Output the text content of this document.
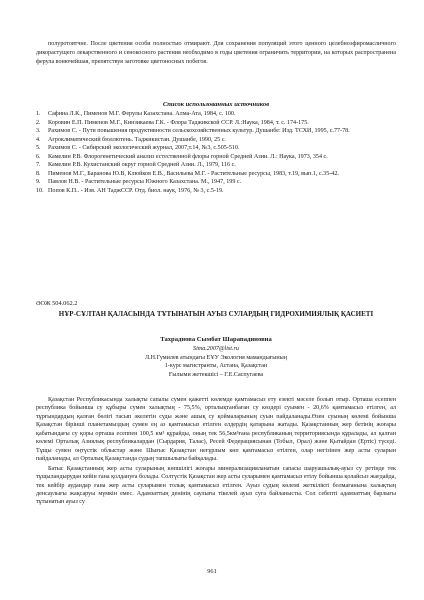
полуротовтчне. После цветения особи полностью отмирают. Для сохранения популяций этого ценного целебноэфиромасличного дикорастущего лекарственного и сенокосного растения необходимо в годы цветения ограничить территории, на которых распространена ферула вонючейшая, препятствуя заготовке цветоносных побегов.

Список использованных источников
1.	Сафина Л.К., Пименов М.Г. Ферулы Казахстана. Алма-Ата, 1984, с. 100.
2.	Коровин Е.П. Пименов М.Г., Кинзикаева Г.К. - Флора Таджикской ССР. Л.:Наука, 1984, т. с. 174-175.
3.	Рахимов С. - Пути повышения продуктивности сельскохозяйственных культур. Душанбе: Изд. ТСХИ, 1995, с.77-78.
4.	Агроклиматический бюллютень. Таджикистан. Душанбе, 1990, 25 с.
5.	Рахимов С. - Сибирский экологический журнал, 2007,т.14, №3, с.505-510.
6.	Камелин Р.В. Флорогенетический анализ естественной флоры горной Средней Азии. Л.: Наука, 1973, 354 с.
7.	Камелин Р.В. Кухистанский округ горной Средней Азии. Л., 1979, 116 с.
8.	Пименов М.Г., Баранова Ю.В, Клюйков Е.В., Васильева М.Г. - Растительные ресурсы, 1983, т.19, вып.1, с.35-42.
9.	Павлов Н.В. - Растительные ресурсы Южного Казахстана. М., 1947, 199 с.
10. Попов К.П.. - Изв. АН ТаджССР. Отд. биол. наук, 1976, № 3, с.5-19.
ӘОЖ 504.062.2
НҰР-СҰЛТАН ҚАЛАСЫНДА ТҰТЫНАТЫН АУЫЗ СУЛАРДЫҢ ГИДРОХИМИЯЛЫҚ ҚАСИЕТІ
Тахраднова Сымбат Шарападиновна
Sima.2007@list.ru
Л.Н.Гумилев атындағы ЕҰУ Экология мамандығының
1-курс магистранты, Астана, Қазақстан
Ғылыми жетекшісі – Г.Е.Саспугаева

Қазақстан Республикасында халықты сапалы сумен қажетті көлемде қамтамасыз ету езекті мәселе болып отыр. Орташа есеппен республика бойынша су құбыры сумен халықтың - 75,5%, орталықтанбаған су көздері суымен - 20,6% қамтамасыз етілген, ал тұрғындардың қалған бөлігі тасып әкелетін суды және ашық су қоймаларының суын пайдаланады.Өзен суының көлемі бойынша Қазақстан бірінші планетамыздың сумен ең аз қамтамасыз етілген елдердің қатарына жатады. Қазақстанның жер бетінің жоғары қабатындағы су қоры орташа есеппен 100,5 км³ құрайды, оның тек 56,5км³ғана республиканың территориясында құралады, ал қалған көлемі Орталық Азиялық республикалардан (Сырдария, Талас), Ресей Федерациясынан (Тобыл, Орал) және Қытайдан (Ертіс) түседі. Тұщы сумен оңтүстік облыстар және Шығыс Қазақстан неғұрлым көп қамтамасыз етілген, олар негізінен жер асты суларын пайдаланады, ал Орталық Қазақстанда судың тапшылығы байқалады.

Батыс Қазақстанның жер асты суларының көпшілігі жоғары минерализацияланатын сапасы шаруашылық-ауыз су ретінде тек тұщыландырудан кейін ғана қолдануға болады. Солтүстік Қазақстан жер асты суларымен қамтамасыз етілу бойынша қолайсыз жағдайда, тек кейбір аудандар ғана жер асты суларымен толық қамтамасыз етілген. Ауыз судың көлемі жеткілікті болмағанына халықтың денсаулығы жақсаруы мүмкін емес. Адамзаттың денінің саулығы тікелей ауыз суға байланысты. Сол себепті адамзаттың барлығы тұтынатын ауыз су

961
